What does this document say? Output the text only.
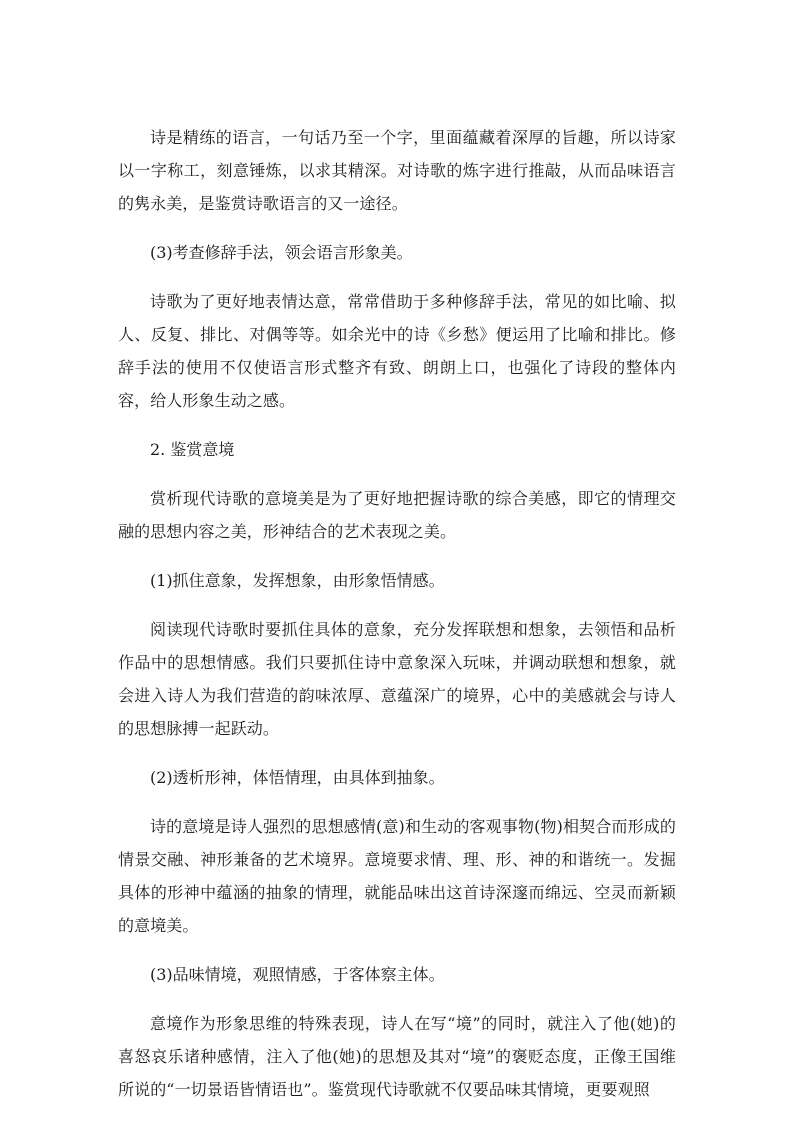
诗是精练的语言，一句话乃至一个字，里面蕴藏着深厚的旨趣，所以诗家以一字称工，刻意锤炼，以求其精深。对诗歌的炼字进行推敲，从而品味语言的隽永美，是鉴赏诗歌语言的又一途径。

(3)考查修辞手法，领会语言形象美。

诗歌为了更好地表情达意，常常借助于多种修辞手法，常见的如比喻、拟人、反复、排比、对偶等等。如余光中的诗《乡愁》便运用了比喻和排比。修辞手法的使用不仅使语言形式整齐有致、朗朗上口，也强化了诗段的整体内容，给人形象生动之感。

2. 鉴赏意境

赏析现代诗歌的意境美是为了更好地把握诗歌的综合美感，即它的情理交融的思想内容之美，形神结合的艺术表现之美。

(1)抓住意象，发挥想象，由形象悟情感。

阅读现代诗歌时要抓住具体的意象，充分发挥联想和想象，去领悟和品析作品中的思想情感。我们只要抓住诗中意象深入玩味，并调动联想和想象，就会进入诗人为我们营造的韵味浓厚、意蕴深广的境界，心中的美感就会与诗人的思想脉搏一起跃动。

(2)透析形神，体悟情理，由具体到抽象。

诗的意境是诗人强烈的思想感情(意)和生动的客观事物(物)相契合而形成的情景交融、神形兼备的艺术境界。意境要求情、理、形、神的和谐统一。发掘具体的形神中蕴涵的抽象的情理，就能品味出这首诗深邃而绵远、空灵而新颖的意境美。

(3)品味情境，观照情感，于客体察主体。

意境作为形象思维的特殊表现，诗人在写“境”的同时，就注入了他(她)的喜怒哀乐诸种感情，注入了他(她)的思想及其对“境”的褒贬态度，正像王国维所说的“一切景语皆情语也”。鉴赏现代诗歌就不仅要品味其情境，更要观照
